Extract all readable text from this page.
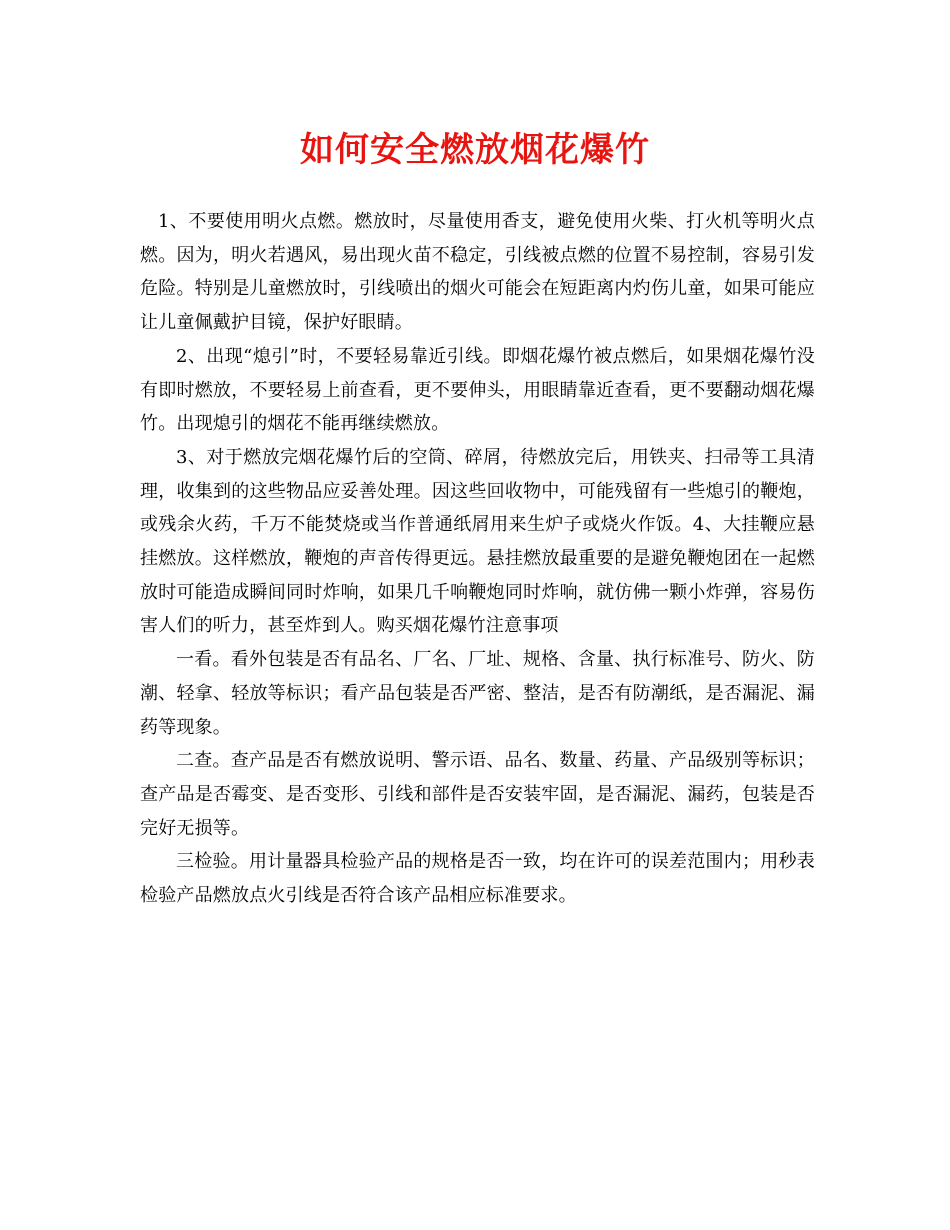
如何安全燃放烟花爆竹

1、不要使用明火点燃。燃放时，尽量使用香支，避免使用火柴、打火机等明火点燃。因为，明火若遇风，易出现火苗不稳定，引线被点燃的位置不易控制，容易引发危险。特别是儿童燃放时，引线喷出的烟火可能会在短距离内灼伤儿童，如果可能应让儿童佩戴护目镜，保护好眼睛。

2、出现“熄引”时，不要轻易靠近引线。即烟花爆竹被点燃后，如果烟花爆竹没有即时燃放，不要轻易上前查看，更不要伸头，用眼睛靠近查看，更不要翻动烟花爆竹。出现熄引的烟花不能再继续燃放。

3、对于燃放完烟花爆竹后的空筒、碎屑，待燃放完后，用铁夹、扫帚等工具清理，收集到的这些物品应妥善处理。因这些回收物中，可能残留有一些熄引的鞭炮，或残余火药，千万不能焚烧或当作普通纸屑用来生炉子或烧火作饭。4、大挂鞭应悬挂燃放。这样燃放，鞭炮的声音传得更远。悬挂燃放最重要的是避免鞭炮团在一起燃放时可能造成瞬间同时炸响，如果几千响鞭炮同时炸响，就仿佛一颗小炸弹，容易伤害人们的听力，甚至炸到人。购买烟花爆竹注意事项

一看。看外包装是否有品名、厂名、厂址、规格、含量、执行标准号、防火、防潮、轻拿、轻放等标识；看产品包装是否严密、整洁，是否有防潮纸，是否漏泥、漏药等现象。

二查。查产品是否有燃放说明、警示语、品名、数量、药量、产品级别等标识；查产品是否霉变、是否变形、引线和部件是否安装牢固，是否漏泥、漏药，包装是否完好无损等。

三检验。用计量器具检验产品的规格是否一致，均在许可的误差范围内；用秒表检验产品燃放点火引线是否符合该产品相应标准要求。
